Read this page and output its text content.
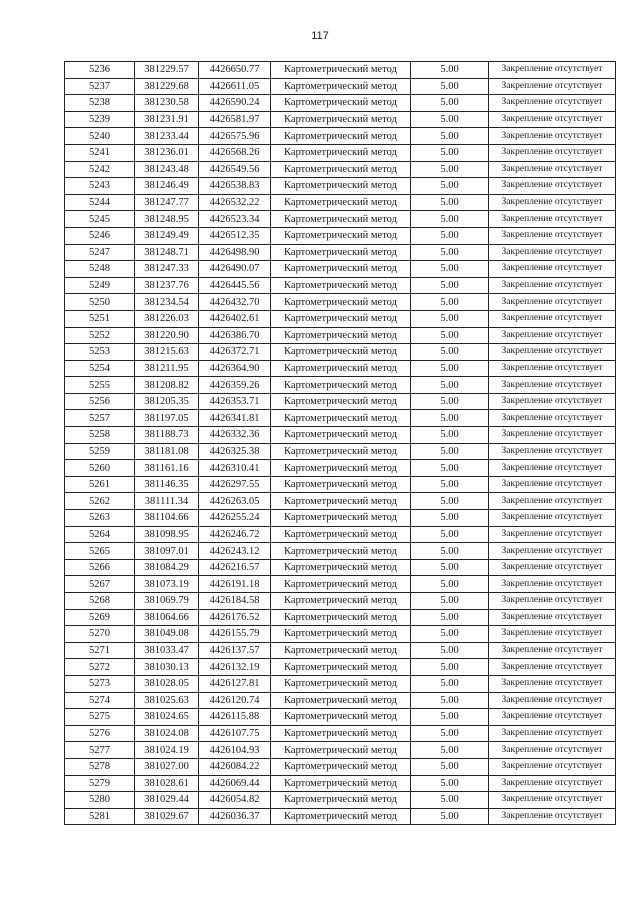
117
5236	381229.57	4426650.77	Картометрический метод	5.00	Закрепление отсутствует
5237	381229.68	4426611.05	Картометрический метод	5.00	Закрепление отсутствует
5238	381230.58	4426590.24	Картометрический метод	5.00	Закрепление отсутствует
5239	381231.91	4426581.97	Картометрический метод	5.00	Закрепление отсутствует
5240	381233.44	4426575.96	Картометрический метод	5.00	Закрепление отсутствует
5241	381236.01	4426568.26	Картометрический метод	5.00	Закрепление отсутствует
5242	381243.48	4426549.56	Картометрический метод	5.00	Закрепление отсутствует
5243	381246.49	4426538.83	Картометрический метод	5.00	Закрепление отсутствует
5244	381247.77	4426532.22	Картометрический метод	5.00	Закрепление отсутствует
5245	381248.95	4426523.34	Картометрический метод	5.00	Закрепление отсутствует
5246	381249.49	4426512.35	Картометрический метод	5.00	Закрепление отсутствует
5247	381248.71	4426498.90	Картометрический метод	5.00	Закрепление отсутствует
5248	381247.33	4426490.07	Картометрический метод	5.00	Закрепление отсутствует
5249	381237.76	4426445.56	Картометрический метод	5.00	Закрепление отсутствует
5250	381234.54	4426432.70	Картометрический метод	5.00	Закрепление отсутствует
5251	381226.03	4426402.61	Картометрический метод	5.00	Закрепление отсутствует
5252	381220.90	4426386.70	Картометрический метод	5.00	Закрепление отсутствует
5253	381215.63	4426372.71	Картометрический метод	5.00	Закрепление отсутствует
5254	381211.95	4426364.90	Картометрический метод	5.00	Закрепление отсутствует
5255	381208.82	4426359.26	Картометрический метод	5.00	Закрепление отсутствует
5256	381205.35	4426353.71	Картометрический метод	5.00	Закрепление отсутствует
5257	381197.05	4426341.81	Картометрический метод	5.00	Закрепление отсутствует
5258	381188.73	4426332.36	Картометрический метод	5.00	Закрепление отсутствует
5259	381181.08	4426325.38	Картометрический метод	5.00	Закрепление отсутствует
5260	381161.16	4426310.41	Картометрический метод	5.00	Закрепление отсутствует
5261	381146.35	4426297.55	Картометрический метод	5.00	Закрепление отсутствует
5262	381111.34	4426263.05	Картометрический метод	5.00	Закрепление отсутствует
5263	381104.66	4426255.24	Картометрический метод	5.00	Закрепление отсутствует
5264	381098.95	4426246.72	Картометрический метод	5.00	Закрепление отсутствует
5265	381097.01	4426243.12	Картометрический метод	5.00	Закрепление отсутствует
5266	381084.29	4426216.57	Картометрический метод	5.00	Закрепление отсутствует
5267	381073.19	4426191.18	Картометрический метод	5.00	Закрепление отсутствует
5268	381069.79	4426184.58	Картометрический метод	5.00	Закрепление отсутствует
5269	381064.66	4426176.52	Картометрический метод	5.00	Закрепление отсутствует
5270	381049.08	4426155.79	Картометрический метод	5.00	Закрепление отсутствует
5271	381033.47	4426137.57	Картометрический метод	5.00	Закрепление отсутствует
5272	381030.13	4426132.19	Картометрический метод	5.00	Закрепление отсутствует
5273	381028.05	4426127.81	Картометрический метод	5.00	Закрепление отсутствует
5274	381025.63	4426120.74	Картометрический метод	5.00	Закрепление отсутствует
5275	381024.65	4426115.88	Картометрический метод	5.00	Закрепление отсутствует
5276	381024.08	4426107.75	Картометрический метод	5.00	Закрепление отсутствует
5277	381024.19	4426104.93	Картометрический метод	5.00	Закрепление отсутствует
5278	381027.00	4426084.22	Картометрический метод	5.00	Закрепление отсутствует
5279	381028.61	4426069.44	Картометрический метод	5.00	Закрепление отсутствует
5280	381029.44	4426054.82	Картометрический метод	5.00	Закрепление отсутствует
5281	381029.67	4426036.37	Картометрический метод	5.00	Закрепление отсутствует
